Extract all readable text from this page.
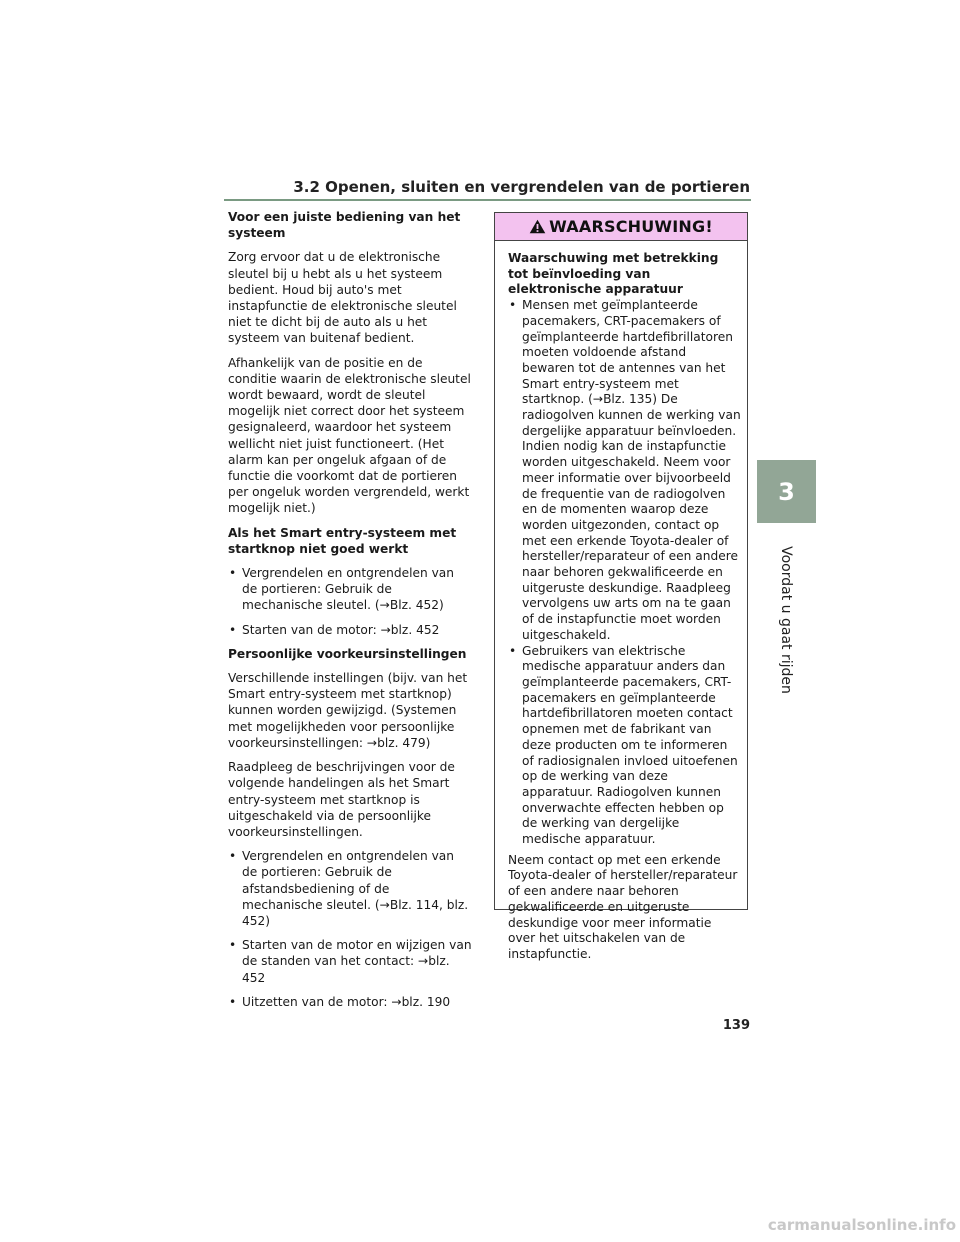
3.2 Openen, sluiten en vergrendelen van de portieren
Voor een juiste bediening van het systeem

Zorg ervoor dat u de elektronische sleutel bij u hebt als u het systeem bedient. Houd bij auto's met instapfunctie de elektronische sleutel niet te dicht bij de auto als u het systeem van buitenaf bedient.

Afhankelijk van de positie en de conditie waarin de elektronische sleutel wordt bewaard, wordt de sleutel mogelijk niet correct door het systeem gesignaleerd, waardoor het systeem wellicht niet juist functioneert. (Het alarm kan per ongeluk afgaan of de functie die voorkomt dat de portieren per ongeluk worden vergrendeld, werkt mogelijk niet.)

Als het Smart entry-systeem met startknop niet goed werkt
• Vergrendelen en ontgrendelen van de portieren: Gebruik de mechanische sleutel. (→Blz. 452)
• Starten van de motor: →blz. 452
Persoonlijke voorkeursinstellingen

Verschillende instellingen (bijv. van het Smart entry-systeem met startknop) kunnen worden gewijzigd. (Systemen met mogelijkheden voor persoonlijke voorkeursinstellingen: →blz. 479)

Raadpleeg de beschrijvingen voor de volgende handelingen als het Smart entry-systeem met startknop is uitgeschakeld via de persoonlijke voorkeursinstellingen.

• Vergrendelen en ontgrendelen van de portieren: Gebruik de afstandsbediening of de mechanische sleutel. (→Blz. 114, blz. 452)
• Starten van de motor en wijzigen van de standen van het contact: →blz. 452
• Uitzetten van de motor: →blz. 190
WAARSCHUWING!
Waarschuwing met betrekking tot beïnvloeding van elektronische apparatuur
• Mensen met geïmplanteerde pacemakers, CRT-pacemakers of geïmplanteerde hartdefibrillatoren moeten voldoende afstand bewaren tot de antennes van het Smart entry-systeem met startknop. (→Blz. 135) De radiogolven kunnen de werking van dergelijke apparatuur beïnvloeden. Indien nodig kan de instapfunctie worden uitgeschakeld. Neem voor meer informatie over bijvoorbeeld de frequentie van de radiogolven en de momenten waarop deze worden uitgezonden, contact op met een erkende Toyota-dealer of hersteller/reparateur of een andere naar behoren gekwalificeerde en uitgeruste deskundige. Raadpleeg vervolgens uw arts om na te gaan of de instapfunctie moet worden uitgeschakeld.
• Gebruikers van elektrische medische apparatuur anders dan geïmplanteerde pacemakers, CRT-pacemakers en geïmplanteerde hartdefibrillatoren moeten contact opnemen met de fabrikant van deze producten om te informeren of radiosignalen invloed uitoefenen op de werking van deze apparatuur. Radiogolven kunnen onverwachte effecten hebben op de werking van dergelijke medische apparatuur.

Neem contact op met een erkende Toyota-dealer of hersteller/reparateur of een andere naar behoren gekwalificeerde en uitgeruste deskundige voor meer informatie over het uitschakelen van de instapfunctie.

3
Voordat u gaat rijden
139
carmanualsonline.info
